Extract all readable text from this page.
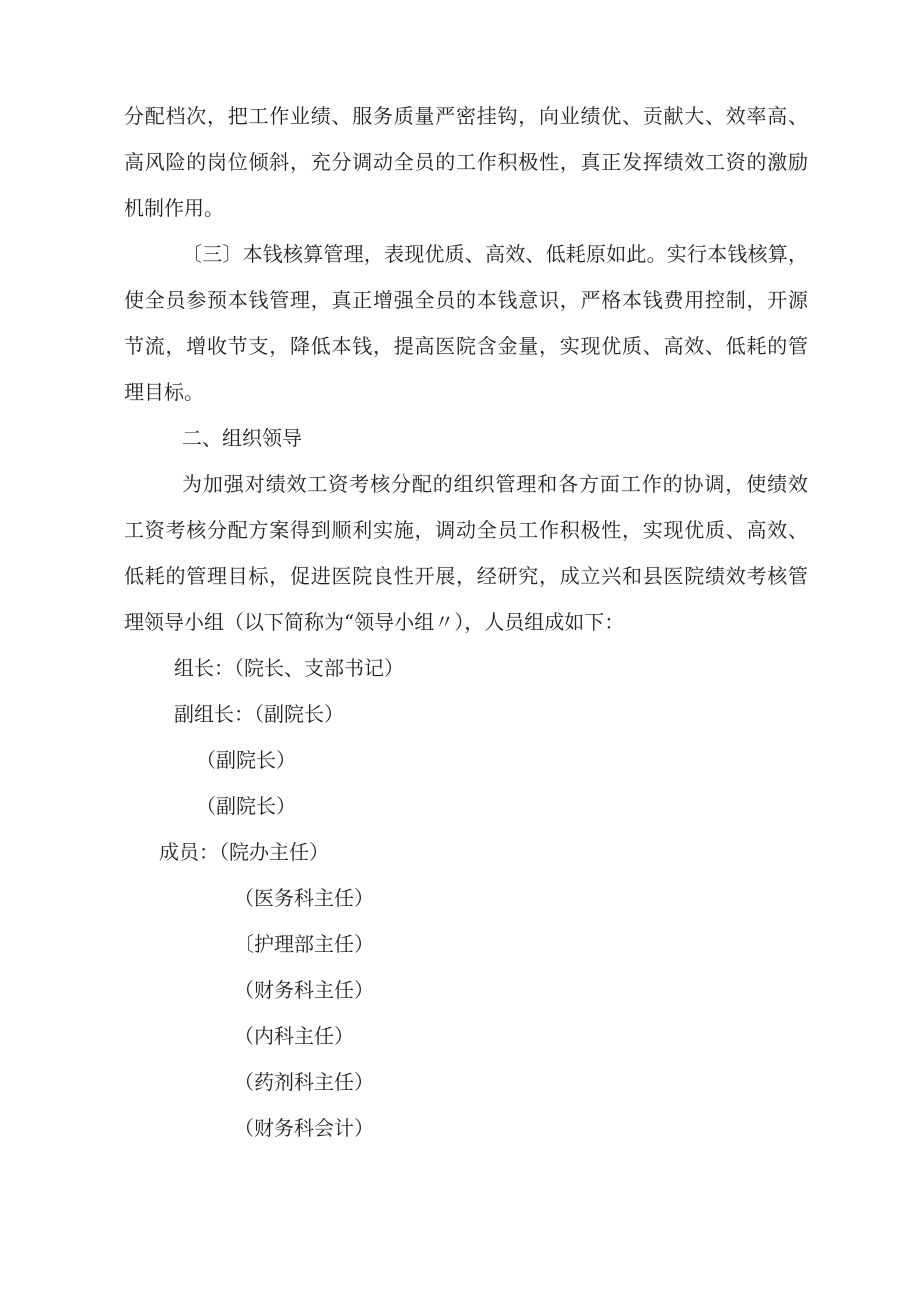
分配档次，把工作业绩、服务质量严密挂钩，向业绩优、贡献大、效率高、
高风险的岗位倾斜，充分调动全员的工作积极性，真正发挥绩效工资的激励
机制作用。
〔三〕本钱核算管理，表现优质、高效、低耗原如此。实行本钱核算，
使全员参预本钱管理，真正增强全员的本钱意识，严格本钱费用控制，开源
节流，增收节支，降低本钱，提高医院含金量，实现优质、高效、低耗的管
理目标。
二、组织领导
为加强对绩效工资考核分配的组织管理和各方面工作的协调，使绩效
工资考核分配方案得到顺利实施，调动全员工作积极性，实现优质、高效、
低耗的管理目标，促进医院良性开展，经研究，成立兴和县医院绩效考核管
理领导小组（以下简称为“领导小组〃），人员组成如下：
组长：（院长、支部书记）
副组长：（副院长）
（副院长）
（副院长）
成员：（院办主任）
（医务科主任）
〔护理部主任）
（财务科主任）
（内科主任）
（药剂科主任）
（财务科会计）
